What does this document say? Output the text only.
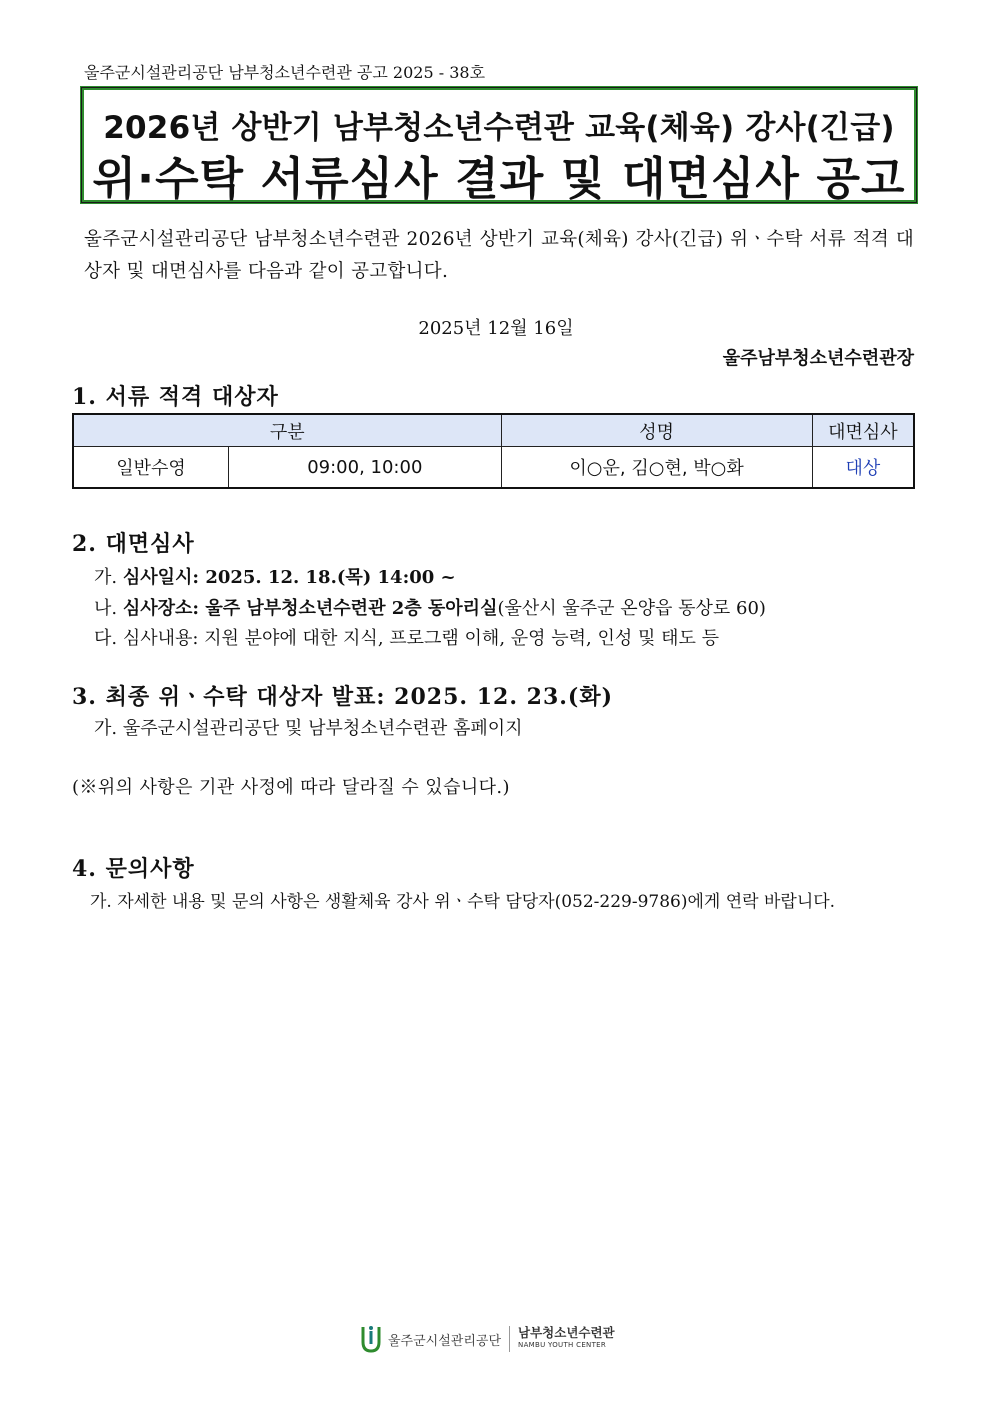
울주군시설관리공단 남부청소년수련관 공고 2025 - 38호
2026년 상반기 남부청소년수련관 교육(체육) 강사(긴급)
위·수탁 서류심사 결과 및 대면심사 공고
울주군시설관리공단 남부청소년수련관 2026년 상반기 교육(체육) 강사(긴급) 위ㆍ수탁 서류 적격 대상자 및 대면심사를 다음과 같이 공고합니다.
2025년 12월 16일
울주남부청소년수련관장
1. 서류 적격 대상자
구분		성명	대면심사
일반수영	09:00, 10:00	이○운, 김○현, 박○화	대상
2. 대면심사
가. 심사일시: 2025. 12. 18.(목) 14:00 ~
나. 심사장소: 울주 남부청소년수련관 2층 동아리실(울산시 울주군 온양읍 동상로 60)
다. 심사내용: 지원 분야에 대한 지식, 프로그램 이해, 운영 능력, 인성 및 태도 등
3. 최종 위ㆍ수탁 대상자 발표: 2025. 12. 23.(화)
가. 울주군시설관리공단 및 남부청소년수련관 홈페이지
(※위의 사항은 기관 사정에 따라 달라질 수 있습니다.)
4. 문의사항
가. 자세한 내용 및 문의 사항은 생활체육 강사 위ㆍ수탁 담당자(052-229-9786)에게 연락 바랍니다.
울주군시설관리공단
남부청소년수련관
NAMBU YOUTH CENTER
